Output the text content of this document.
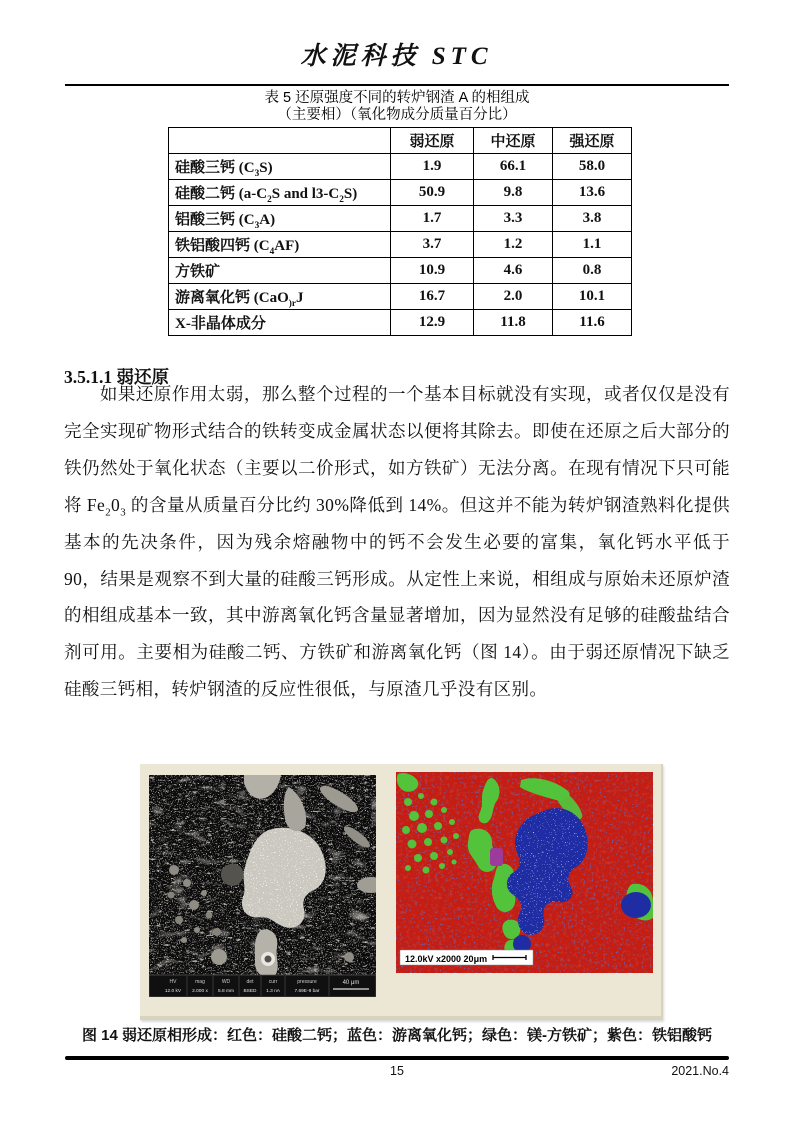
水泥科技 STC
表 5 还原强度不同的转炉钢渣 A 的相组成
（主要相）（氧化物成分质量百分比）
	弱还原	中还原	强还原
硅酸三钙 $(C_3S)$	1.9	66.1	58.0
硅酸二钙 ($a-C_2S$ and $l3-C_2S$)	50.9	9.8	13.6
铝酸三钙 $(C_3A)$	1.7	3.3	3.8
铁铝酸四钙 $(C_4AF)$	3.7	1.2	1.1
方铁矿	10.9	4.6	0.8
游离氧化钙 (CaO$_{)r}$J	16.7	2.0	10.1
X-非晶体成分	12.9	11.8	11.6
3.5.1.1 弱还原

如果还原作用太弱，那么整个过程的一个基本目标就没有实现，或者仅仅是没有完全实现矿物形式结合的铁转变成金属状态以便将其除去。即使在还原之后大部分的铁仍然处于氧化状态（主要以二价形式，如方铁矿）无法分离。在现有情况下只可能将 $Fe_20_3$ 的含量从质量百分比约 30%降低到 14%。但这并不能为转炉钢渣熟料化提供基本的先决条件，因为残余熔融物中的钙不会发生必要的富集，氧化钙水平低于 90，结果是观察不到大量的硅酸三钙形成。从定性上来说，相组成与原始未还原炉渣的相组成基本一致，其中游离氧化钙含量显著增加，因为显然没有足够的硅酸盐结合剂可用。主要相为硅酸二钙、方铁矿和游离氧化钙（图 14）。由于弱还原情况下缺乏硅酸三钙相，转炉钢渣的反应性很低，与原渣几乎没有区别。

HV	mag	WD	det	curr	pressure
12.0 kV 2.000 x 5.8 mm BSED 1.3 nA	7.69E-9 bar
40 μm
12.0kV x2000 20μm
图 14 弱还原相形成：红色：硅酸二钙；蓝色：游离氧化钙；绿色：镁-方铁矿；紫色：铁铝酸钙
15	2021.No.4
